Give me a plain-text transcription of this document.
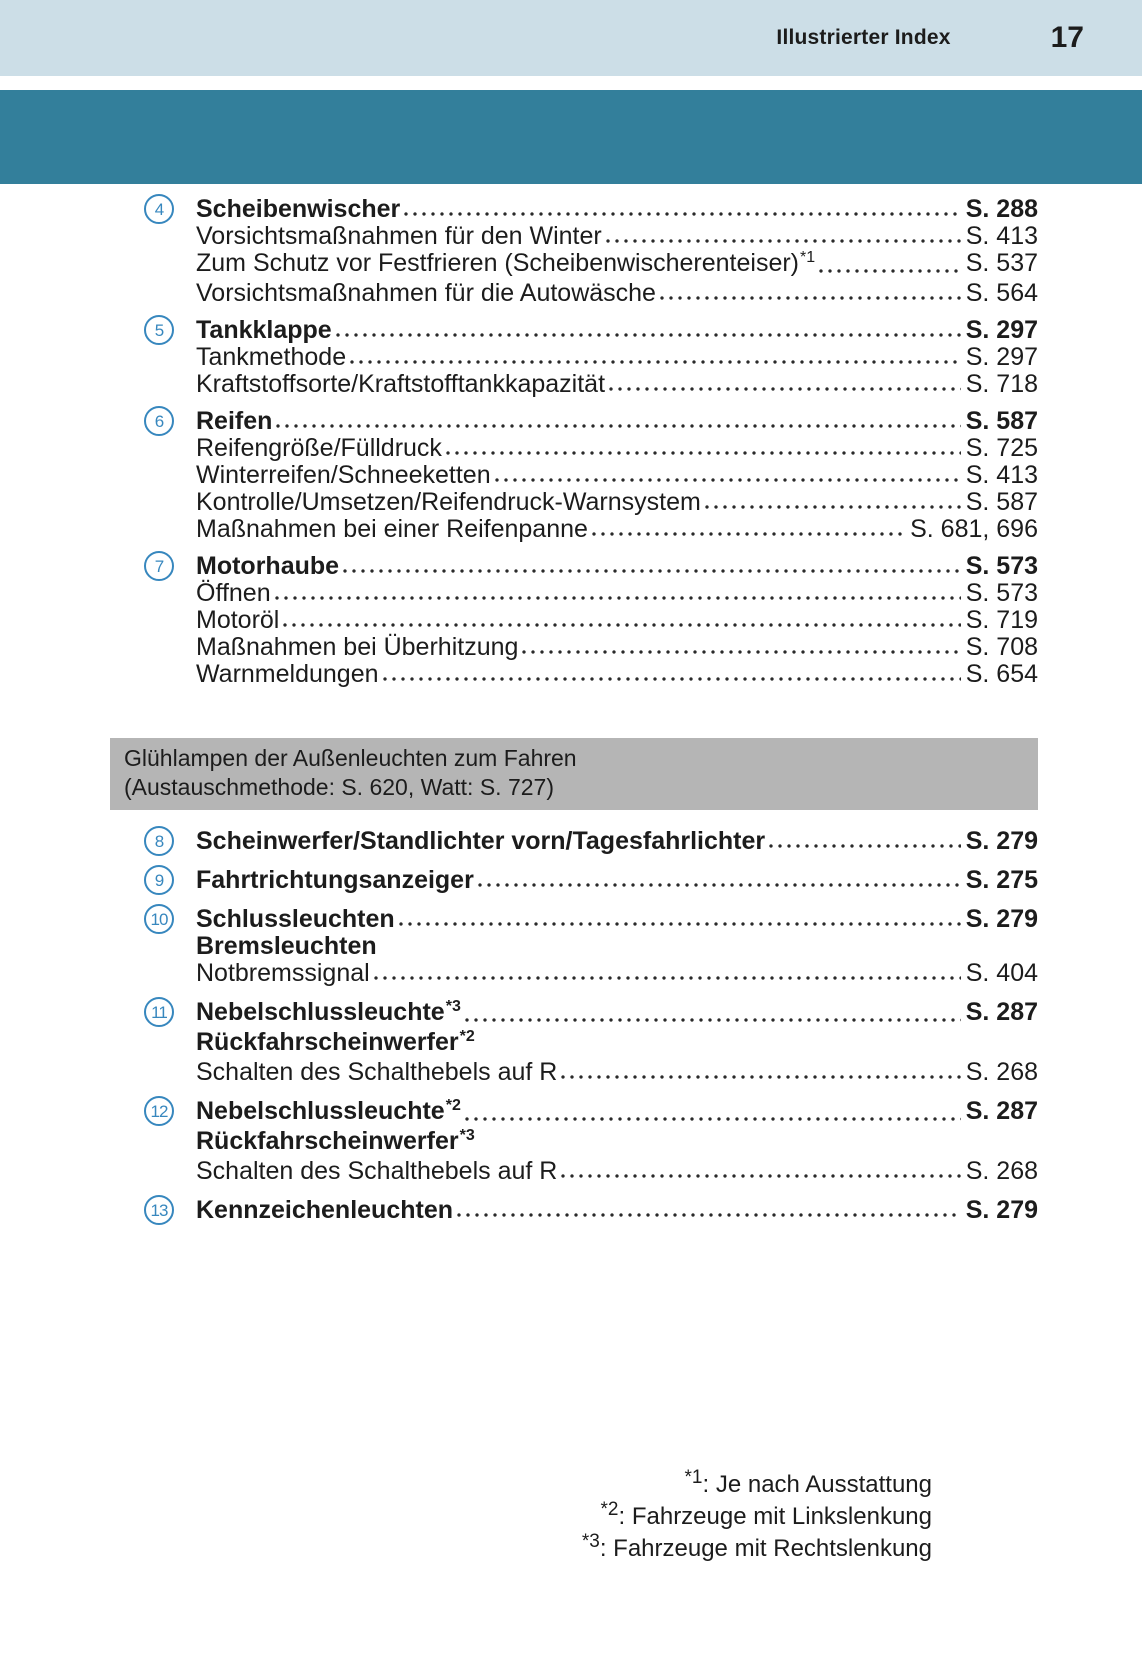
Illustrierter Index	17
4	Scheibenwischer	S. 288
Vorsichtsmaßnahmen für den Winter	S. 413
Zum Schutz vor Festfrieren (Scheibenwischerenteiser) *1	S. 537
Vorsichtsmaßnahmen für die Autowäsche	S. 564
5	Tankklappe	S. 297
Tankmethode	S. 297
Kraftstoffsorte/Kraftstofftankkapazität	S. 718
6	Reifen	S. 587
Reifengröße/Fülldruck	S. 725
Winterreifen/Schneeketten	S. 413
Kontrolle/Umsetzen/Reifendruck-Warnsystem	S. 587
Maßnahmen bei einer Reifenpanne	S. 681, 696
7	Motorhaube	S. 573
Öffnen	S. 573
Motoröl	S. 719
Maßnahmen bei Überhitzung	S. 708
Warnmeldungen	S. 654
Glühlampen der Außenleuchten zum Fahren
(Austauschmethode: S. 620, Watt: S. 727)
8	Scheinwerfer/Standlichter vorn/Tagesfahrlichter	S. 279
9	Fahrtrichtungsanzeiger	S. 275
10 Schlussleuchten	S. 279
Bremsleuchten
Notbremssignal	S. 404
11 Nebelschlussleuchte *3	S. 287
Rückfahrscheinwerfer *2
Schalten des Schalthebels auf R	S. 268
12 Nebelschlussleuchte *2	S. 287
Rückfahrscheinwerfer *3
Schalten des Schalthebels auf R	S. 268
13 Kennzeichenleuchten	S. 279
*1: Je nach Ausstattung
*2: Fahrzeuge mit Linkslenkung
*3: Fahrzeuge mit Rechtslenkung
